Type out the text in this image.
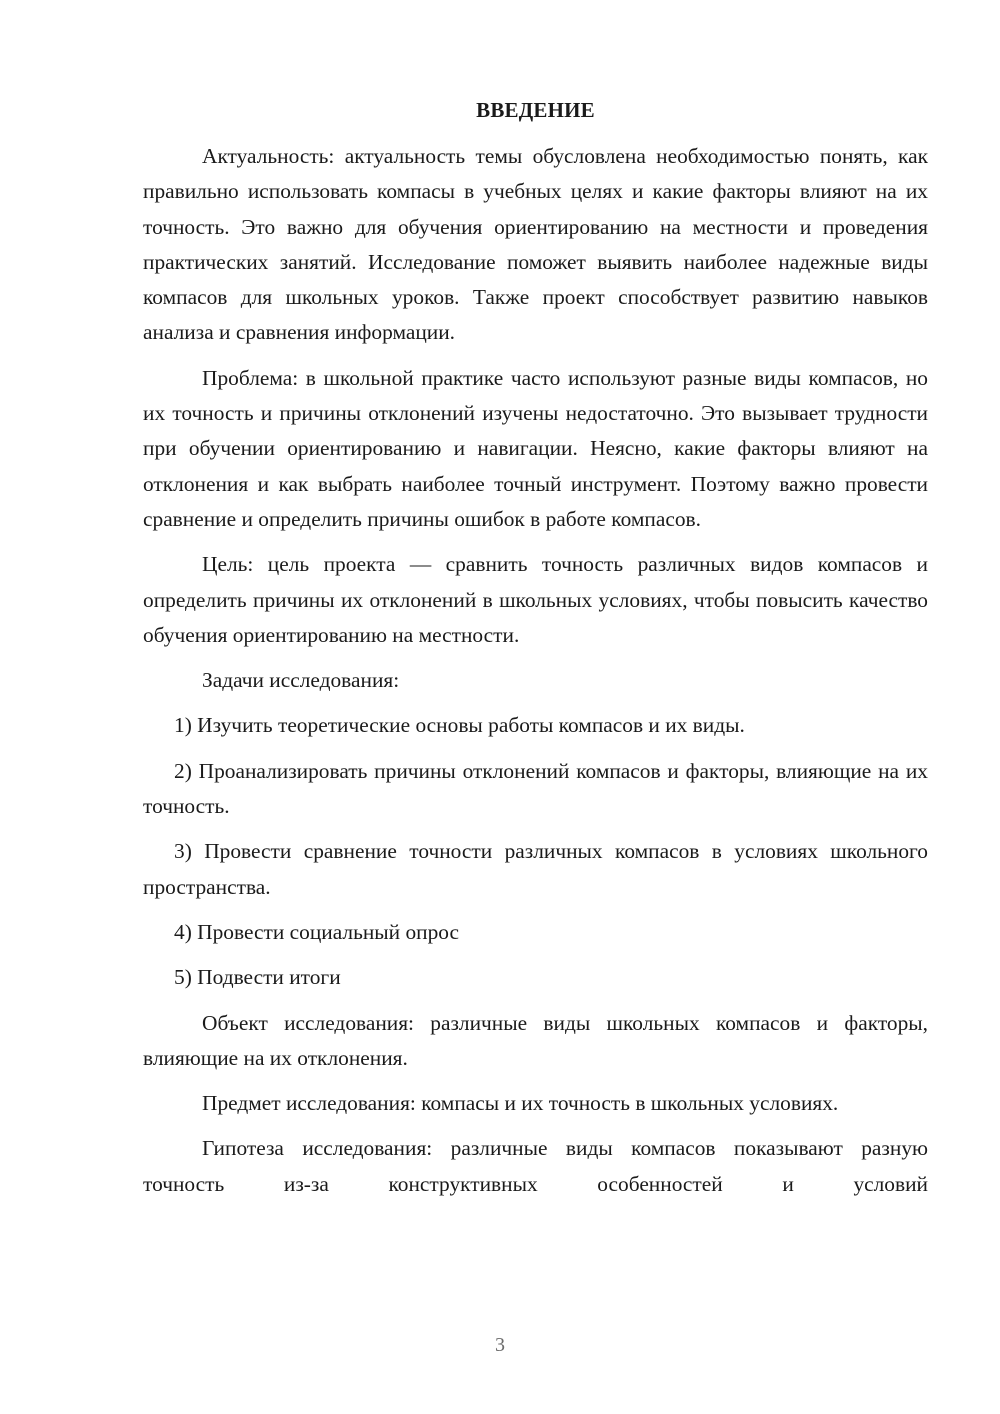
ВВЕДЕНИЕ

Актуальность: актуальность темы обусловлена необходимостью понять, как правильно использовать компасы в учебных целях и какие факторы влияют на их точность. Это важно для обучения ориентированию на местности и проведения практических занятий. Исследование поможет выявить наиболее надежные виды компасов для школьных уроков. Также проект способствует развитию навыков анализа и сравнения информации.

Проблема: в школьной практике часто используют разные виды компасов, но их точность и причины отклонений изучены недостаточно. Это вызывает трудности при обучении ориентированию и навигации. Неясно, какие факторы влияют на отклонения и как выбрать наиболее точный инструмент. Поэтому важно провести сравнение и определить причины ошибок в работе компасов.

Цель: цель проекта — сравнить точность различных видов компасов и определить причины их отклонений в школьных условиях, чтобы повысить качество обучения ориентированию на местности.

Задачи исследования:

1) Изучить теоретические основы работы компасов и их виды.

2) Проанализировать причины отклонений компасов и факторы, влияющие на их точность.

3) Провести сравнение точности различных компасов в условиях школьного пространства.

4) Провести социальный опрос

5) Подвести итоги

Объект исследования: различные виды школьных компасов и факторы, влияющие на их отклонения.

Предмет исследования: компасы и их точность в школьных условиях.

Гипотеза исследования: различные виды компасов показывают разную точность из-за конструктивных особенностей и условий

3
